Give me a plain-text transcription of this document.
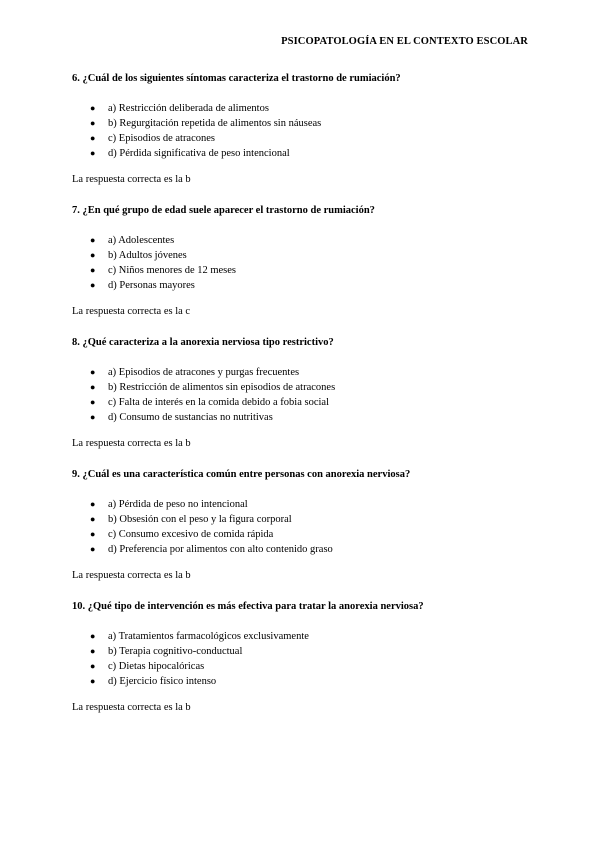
PSICOPATOLOGÍA EN EL CONTEXTO ESCOLAR

6. ¿Cuál de los siguientes síntomas caracteriza el trastorno de rumiación?

● a) Restricción deliberada de alimentos
● b) Regurgitación repetida de alimentos sin náuseas
● c) Episodios de atracones
● d) Pérdida significativa de peso intencional

La respuesta correcta es la b

7. ¿En qué grupo de edad suele aparecer el trastorno de rumiación?

● a) Adolescentes
● b) Adultos jóvenes
● c) Niños menores de 12 meses
● d) Personas mayores

La respuesta correcta es la c

8. ¿Qué caracteriza a la anorexia nerviosa tipo restrictivo?

● a) Episodios de atracones y purgas frecuentes
● b) Restricción de alimentos sin episodios de atracones
● c) Falta de interés en la comida debido a fobia social
● d) Consumo de sustancias no nutritivas

La respuesta correcta es la b

9. ¿Cuál es una característica común entre personas con anorexia nerviosa?

● a) Pérdida de peso no intencional
● b) Obsesión con el peso y la figura corporal
● c) Consumo excesivo de comida rápida
● d) Preferencia por alimentos con alto contenido graso

La respuesta correcta es la b

10. ¿Qué tipo de intervención es más efectiva para tratar la anorexia nerviosa?

● a) Tratamientos farmacológicos exclusivamente
● b) Terapia cognitivo-conductual
● c) Dietas hipocalóricas
● d) Ejercicio físico intenso

La respuesta correcta es la b
